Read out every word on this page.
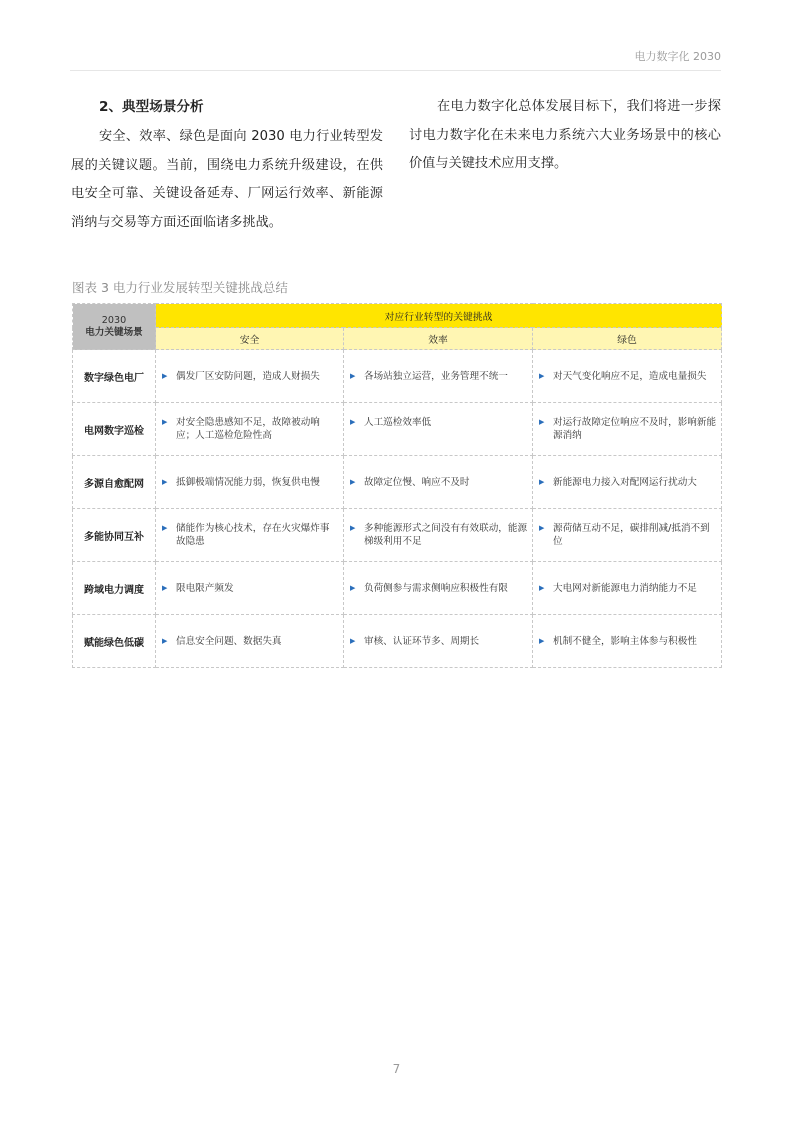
电力数字化 2030

2、典型场景分析

安全、效率、绿色是面向 2030 电力行业转型发展的关键议题。当前，围绕电力系统升级建设，在供电安全可靠、关键设备延寿、厂网运行效率、新能源消纳与交易等方面还面临诸多挑战。

在电力数字化总体发展目标下，我们将进一步探讨电力数字化在未来电力系统六大业务场景中的核心价值与关键技术应用支撑。

图表 3 电力行业发展转型关键挑战总结
2030
电力关键场景	对应行业转型的关键挑战		
	安全	效率	绿色
数字绿色电厂	▶ 偶发厂区安防问题，造成人财损失	▶ 各场站独立运营，业务管理不统一	▶ 对天气变化响应不足，造成电量损失

电网数字巡检	▶ 对安全隐患感知不足，故障被动响应；人工巡检危险性高	▶ 人工巡检效率低	▶ 对运行故障定位响应不及时，影响新能源消纳

多源自愈配网	▶ 抵御极端情况能力弱，恢复供电慢	▶ 故障定位慢、响应不及时	▶ 新能源电力接入对配网运行扰动大

多能协同互补	▶ 储能作为核心技术，存在火灾爆炸事故隐患	▶ 多种能源形式之间没有有效联动，能源梯级利用不足	▶ 源荷储互动不足，碳排削减/抵消不到位

跨域电力调度	▶ 限电限产频发	▶ 负荷侧参与需求侧响应积极性有限	▶ 大电网对新能源电力消纳能力不足

赋能绿色低碳	▶ 信息安全问题、数据失真	▶ 审核、认证环节多、周期长	▶ 机制不健全，影响主体参与积极性
7
